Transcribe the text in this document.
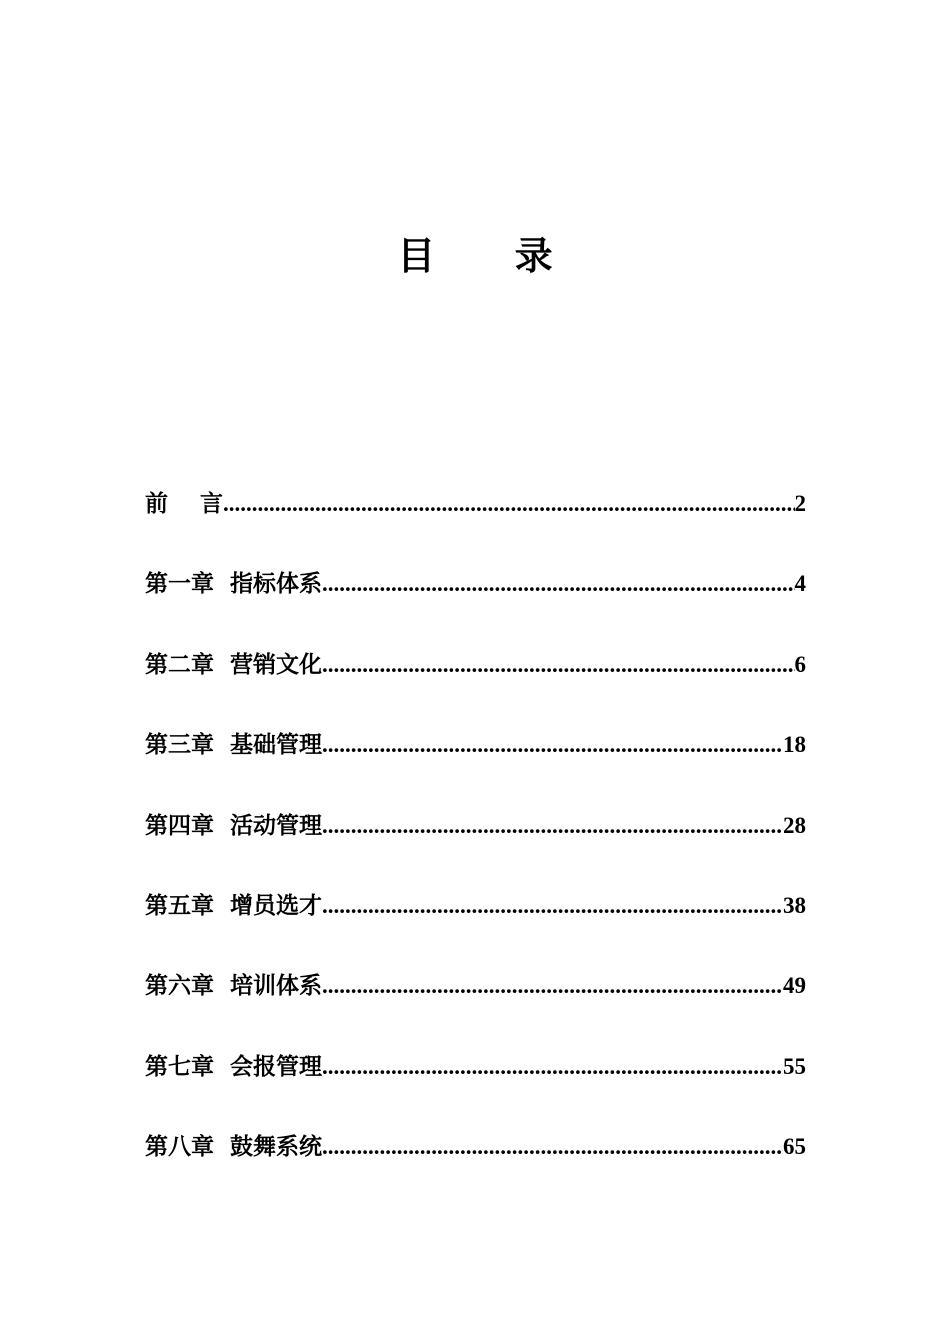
目      录
前    言 .....	2
第一章  指标体系 .....	4
第二章  营销文化 .....	6
第三章  基础管理 .....	18
第四章  活动管理 .....	28
第五章  增员选才 .....	38
第六章  培训体系 .....	49
第七章  会报管理 .....	55
第八章  鼓舞系统 .....	65
